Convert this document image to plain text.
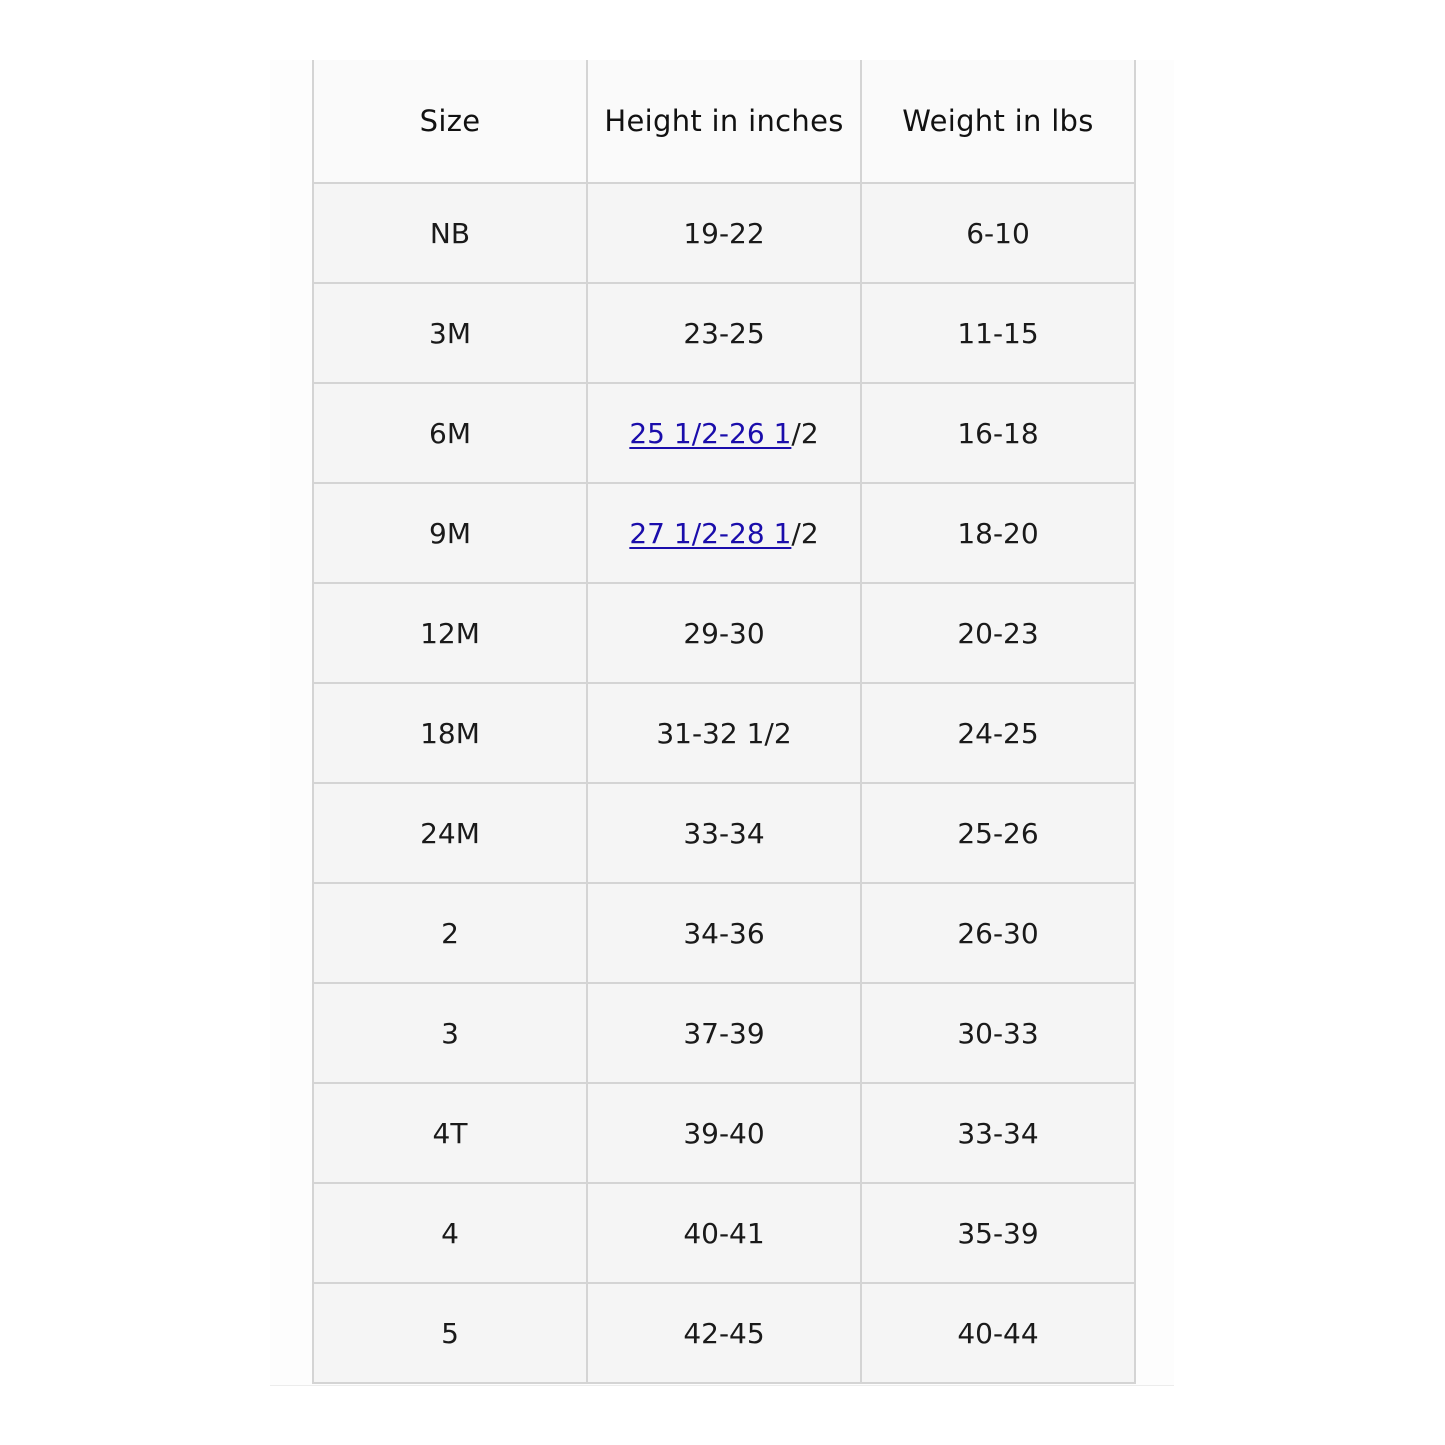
Size	Height in inches	Weight in lbs
NB	19-22	6-10
3M	23-25	11-15
6M	25 1/2-26 1/2	16-18
9M	27 1/2-28 1/2	18-20
12M	29-30	20-23
18M	31-32 1/2	24-25
24M	33-34	25-26
2	34-36	26-30
3	37-39	30-33
4T	39-40	33-34
4	40-41	35-39
5	42-45	40-44
